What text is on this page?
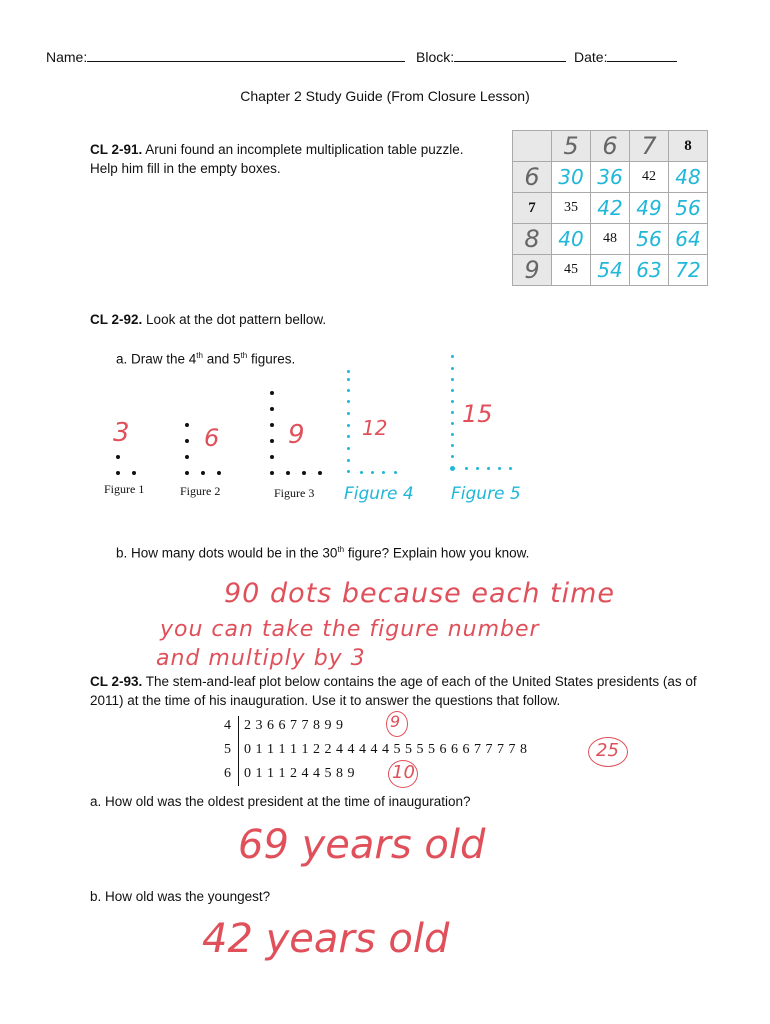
Name:	Block:	Date:
Chapter 2 Study Guide (From Closure Lesson)
CL 2-91. Aruni found an incomplete multiplication table puzzle.
Help him fill in the empty boxes.
	5	6	7	8
6	30	36	42	48
7	35	42	49	56
8	40	48	56	64
9	45	54	63	72
CL 2-92. Look at the dot pattern bellow.
a. Draw the 4th and 5th figures.
Figure 1	Figure 2	Figure 3
3	6	9	12	15
Figure 4 Figure 5
b. How many dots would be in the 30th figure? Explain how you know.
90 dots because each time
you can take the figure number
and multiply by 3
CL 2-93. The stem-and-leaf plot below contains the age of each of the United States presidents (as of
2011) at the time of his inauguration. Use it to answer the questions that follow.
4 2 3 6 6 7 7 8 9 9
5 0 1 1 1 1 1 2 2 4 4 4 4 4 5 5 5 5 6 6 6 7 7 7 7 8
6 0 1 1 1 2 4 4 5 8 9
9
25
10
a. How old was the oldest president at the time of inauguration?
69 years old
b. How old was the youngest?
42 years old
